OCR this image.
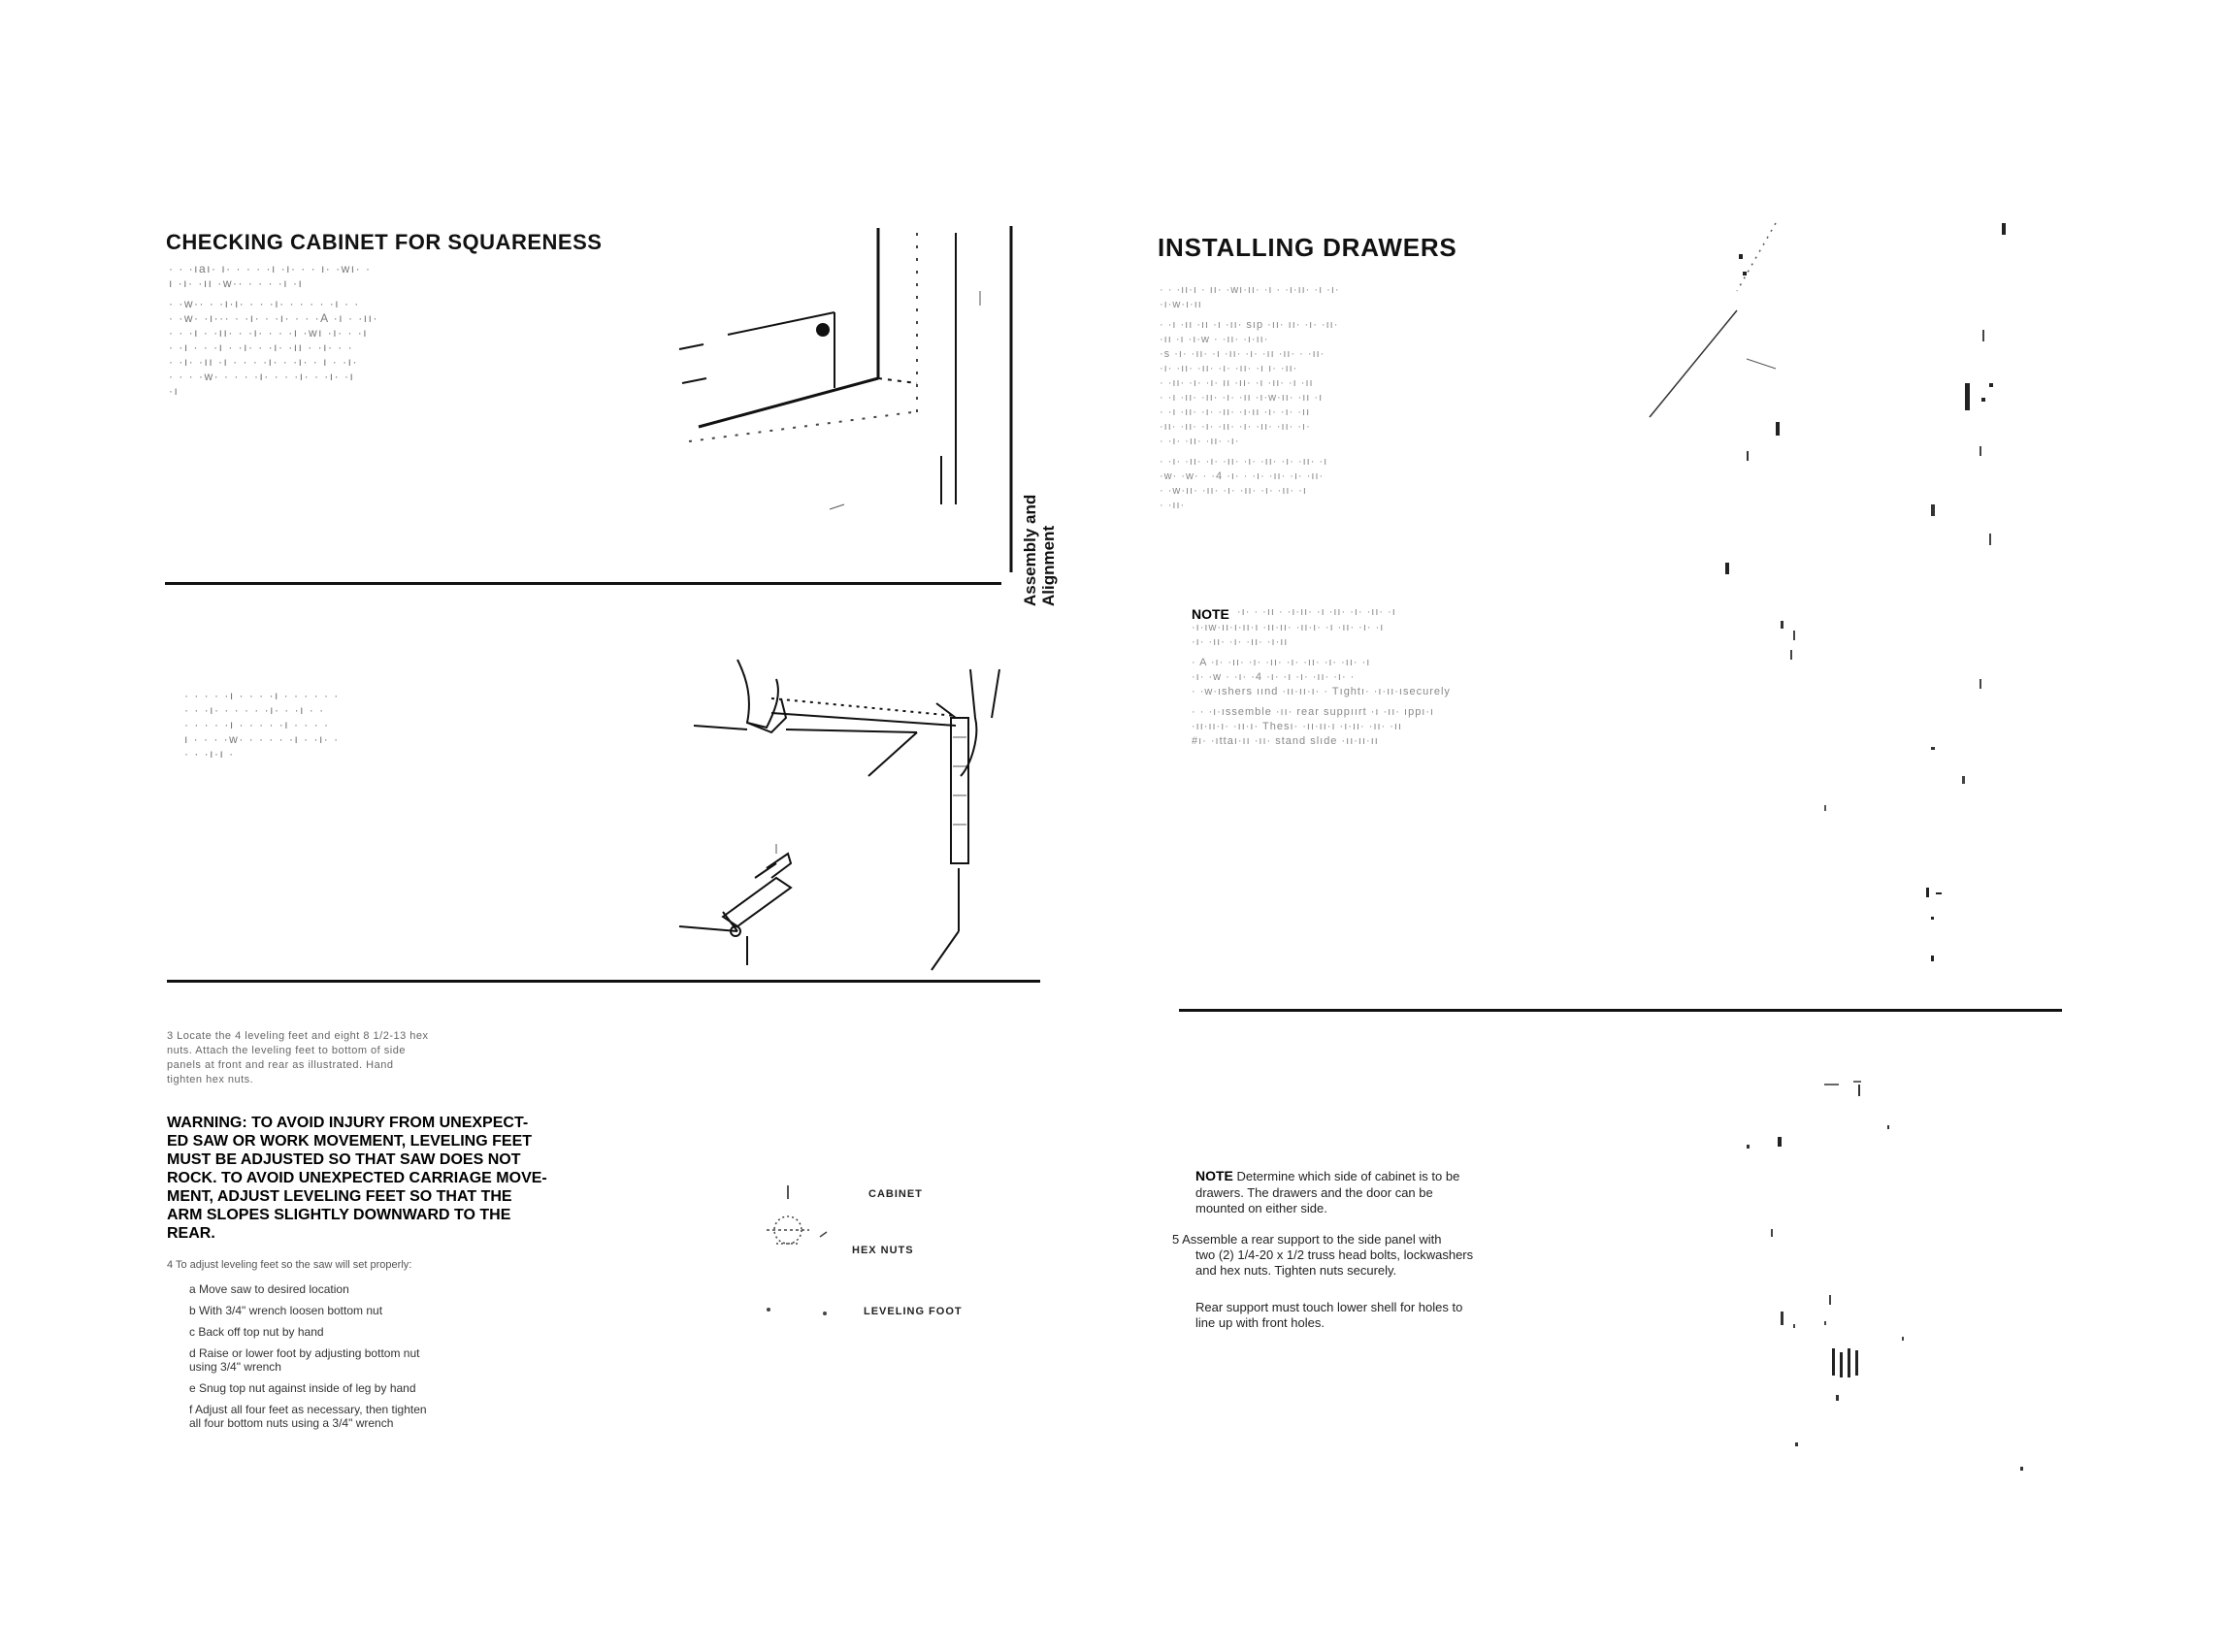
CHECKING CABINET FOR SQUARENESS
· · ·ıaı· ı· · · · ·ı ·ı· · · ı· ·wı· ·
ı ·ı· ·ıı ·w·· · · · ·ı ·ı
· ·w·· · ·ı·ı· · · ·ı· · · · · ·ı · ·
· ·w· ·ı··· · ·ı· · ·ı· · · ·A ·ı · ·ıı·
· · ·ı · ·ıı· · ·ı· · · ·ı ·wı ·ı· · ·ı
· ·ı · · ·ı · ·ı· · ·ı· ·ıı · ·ı· · ·
· ·ı· ·ıı ·ı · · · ·ı· · ·ı· · ı · ·ı·
· · · ·w· · · · ·ı· · · ·ı· · ·ı· ·ı
·ı
Assembly and Alignment
· · · · ·ı · · · ·ı · · · · · ·
· · ·ı· · · · · ·ı· · ·ı · ·
· · · · ·ı · · · · ·ı · · · ·
ı · · · ·w· · · · · ·ı · ·ı· ·
· · ·ı·ı ·
3 Locate the 4 leveling feet and eight 8 1/2-13 hex
nuts. Attach the leveling feet to bottom of side
panels at front and rear as illustrated. Hand
tighten hex nuts.
WARNING: TO AVOID INJURY FROM UNEXPECT-
ED SAW OR WORK MOVEMENT, LEVELING FEET
MUST BE ADJUSTED SO THAT SAW DOES NOT
ROCK. TO AVOID UNEXPECTED CARRIAGE MOVE-
MENT, ADJUST LEVELING FEET SO THAT THE
ARM SLOPES SLIGHTLY DOWNWARD TO THE
REAR.
4 To adjust leveling feet so the saw will set properly:
a Move saw to desired location
b With 3/4" wrench loosen bottom nut
c Back off top nut by hand
d Raise or lower foot by adjusting bottom nut
using 3/4" wrench
e Snug top nut against inside of leg by hand
f Adjust all four feet as necessary, then tighten
all four bottom nuts using a 3/4" wrench
CABINET
HEX NUTS
LEVELING FOOT
INSTALLING DRAWERS
· · ·ıı·ı · ıı· ·wı·ıı· ·ı · ·ı·ıı· ·ı ·ı·
·ı·w·ı·ıı
· ·ı ·ıı ·ıı ·ı ·ıı· sıp ·ıı· ıı· ·ı· ·ıı·
·ıı ·ı ·ı·w · ·ıı· ·ı·ıı·
·s ·ı· ·ıı· ·ı ·ıı· ·ı· ·ıı ·ıı· · ·ıı·
·ı· ·ıı· ·ıı· ·ı· ·ıı· ·ı ı· ·ıı·
· ·ıı· ·ı· ·ı· ıı ·ıı· ·ı ·ıı· ·ı ·ıı
· ·ı ·ıı· ·ıı· ·ı· ·ıı ·ı·w·ıı· ·ıı ·ı
· ·ı ·ıı· ·ı· ·ıı· ·ı·ıı ·ı· ·ı· ·ıı
·ıı· ·ıı· ·ı· ·ıı· ·ı· ·ıı· ·ıı· ·ı·
· ·ı· ·ıı· ·ıı· ·ı·
· ·ı· ·ıı· ·ı· ·ıı· ·ı· ·ıı· ·ı· ·ıı· ·ı
·w· ·w· · ·4 ·ı· · ·ı· ·ıı· ·ı· ·ıı·
· ·w·ıı· ·ıı· ·ı· ·ıı· ·ı· ·ıı· ·ı
· ·ıı·
NOTE ·ı· · ·ıı · ·ı·ıı· ·ı ·ıı· ·ı· ·ıı· ·ı
·ı·ıw·ıı·ı·ıı·ı ·ıı·ıı· ·ıı·ı· ·ı ·ıı· ·ı· ·ı
·ı· ·ıı· ·ı· ·ıı· ·ı·ıı
· A ·ı· ·ıı· ·ı· ·ıı· ·ı· ·ıı· ·ı· ·ıı· ·ı
·ı· ·w · ·ı· ·4 ·ı· ·ı ·ı· ·ıı· ·ı· ·
· ·w·ıshers ıınd ·ıı·ıı·ı· · Tıghtı· ·ı·ıı·ısecurely
· · ·ı·ıssemble ·ıı· rear suppıırt ·ı ·ıı· ıppı·ı
·ıı·ıı·ı· ·ıı·ı· Thesı· ·ıı·ıı·ı ·ı·ıı· ·ıı· ·ıı
#ı· ·ıttaı·ıı ·ıı· stand slıde ·ıı·ıı·ıı
NOTE Determine which side of cabinet is to be
drawers. The drawers and the door can be
mounted on either side.
5 Assemble a rear support to the side panel with
two (2) 1/4-20 x 1/2 truss head bolts, lockwashers
and hex nuts. Tighten nuts securely.
Rear support must touch lower shell for holes to
line up with front holes.
